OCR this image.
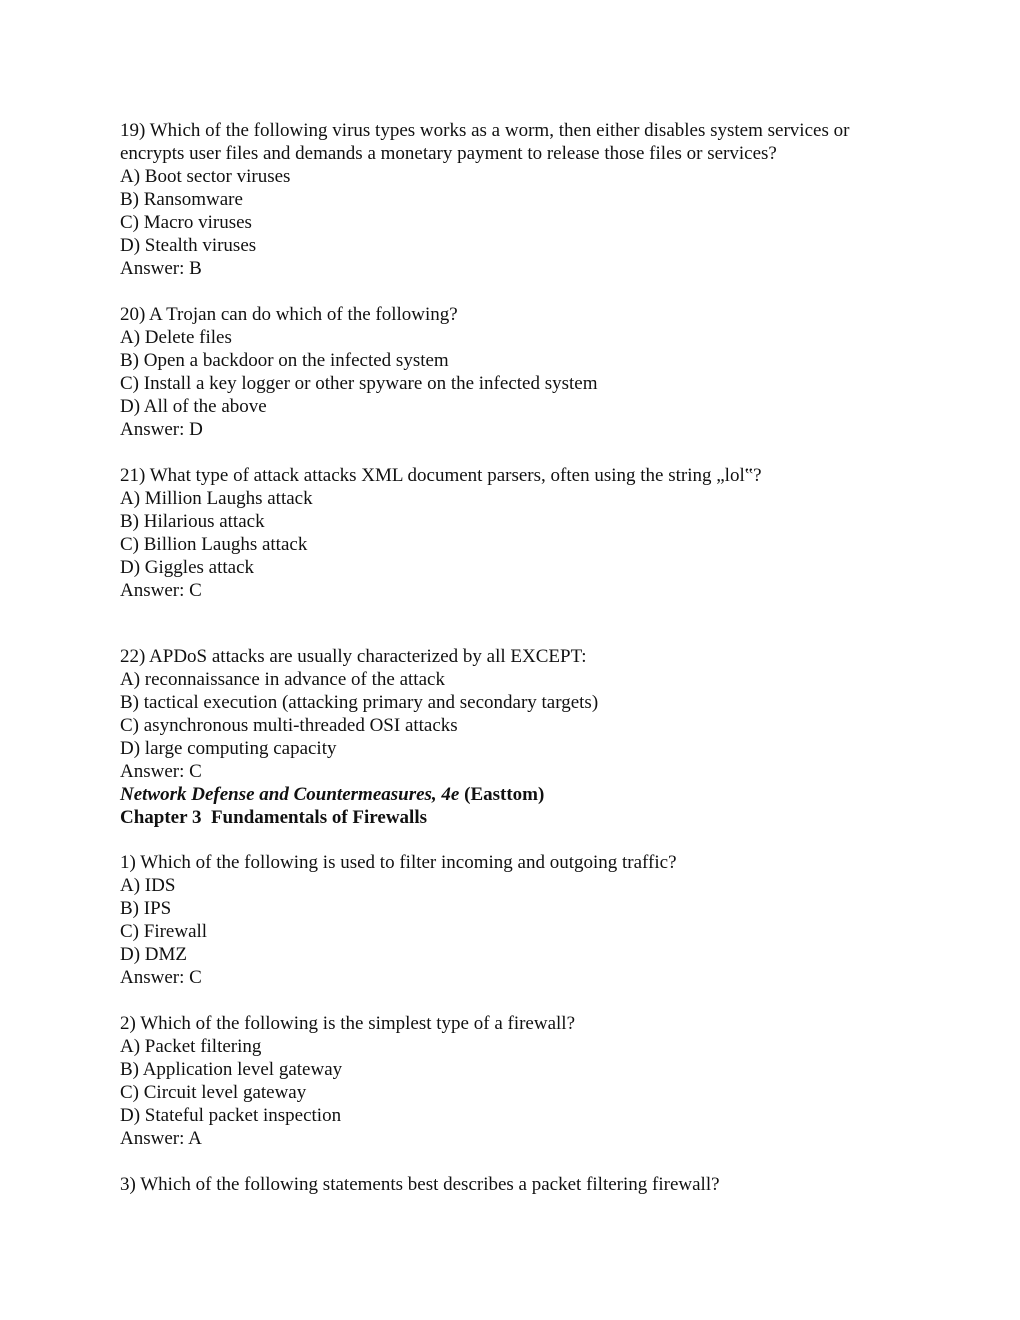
19) Which of the following virus types works as a worm, then either disables system services or
encrypts user files and demands a monetary payment to release those files or services?
A) Boot sector viruses
B) Ransomware
C) Macro viruses
D) Stealth viruses
Answer: B
20) A Trojan can do which of the following?
A) Delete files
B) Open a backdoor on the infected system
C) Install a key logger or other spyware on the infected system
D) All of the above
Answer: D
21) What type of attack attacks XML document parsers, often using the string „lol‟?
A) Million Laughs attack
B) Hilarious attack
C) Billion Laughs attack
D) Giggles attack
Answer: C
22) APDoS attacks are usually characterized by all EXCEPT:
A) reconnaissance in advance of the attack
B) tactical execution (attacking primary and secondary targets)
C) asynchronous multi-threaded OSI attacks
D) large computing capacity
Answer: C
Network Defense and Countermeasures, 4e (Easttom)
Chapter 3  Fundamentals of Firewalls
1) Which of the following is used to filter incoming and outgoing traffic?
A) IDS
B) IPS
C) Firewall
D) DMZ
Answer: C
2) Which of the following is the simplest type of a firewall?
A) Packet filtering
B) Application level gateway
C) Circuit level gateway
D) Stateful packet inspection
Answer: A
3) Which of the following statements best describes a packet filtering firewall?
